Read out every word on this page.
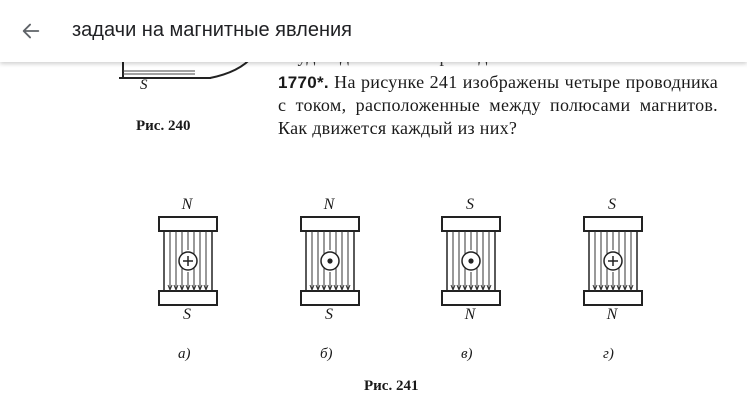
S
Рис. 240
1770*. На рисунке 241 изображены четыре проводника с током, расположенные между полюсами магнитов. Как движется каждый из них?
N
S
а)
N
S
б)
S
N
в)
S
N
г)
Рис. 241
задачи на магнитные явления
